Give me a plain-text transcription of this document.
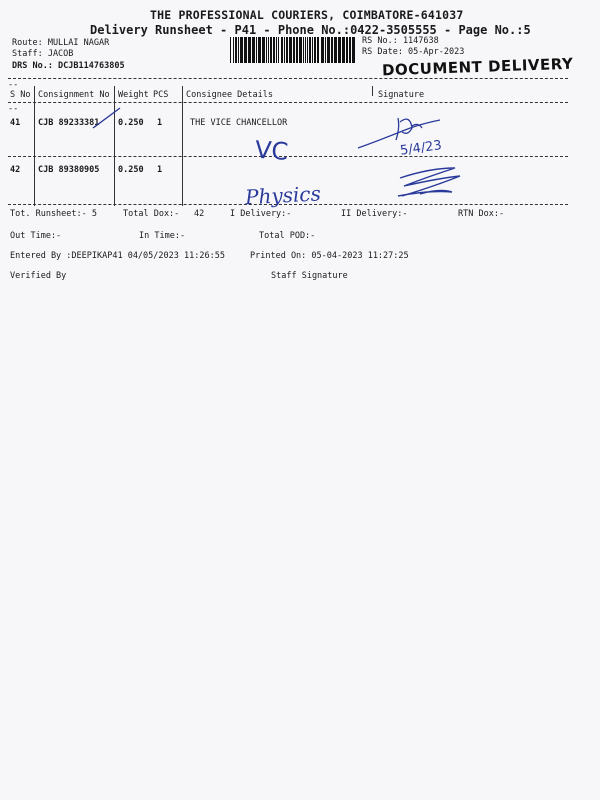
THE PROFESSIONAL COURIERS, COIMBATORE-641037
Delivery Runsheet - P41 - Phone No.:0422-3505555 - Page No.:5
Route: MULLAI NAGAR
Staff: JACOB
DRS No.: DCJB114763805
RS No.: 1147638
RS Date: 05-Apr-2023
DOCUMENT DELIVERY
--
S No Consignment No Weight PCS Consignee Details	Signature
--
41 CJB 89233381 0.250 1	THE VICE CHANCELLOR
42 CJB 89380905 0.250 1
VC
Physics
5/4/23
Tot. Runsheet:- 5	Total Dox:- 42	I Delivery:-	II Delivery:-	RTN Dox:-
Out Time:-	In Time:-	Total POD:-
Entered By :DEEPIKAP41 04/05/2023 11:26:55	Printed On: 05-04-2023 11:27:25
Verified By	Staff Signature
